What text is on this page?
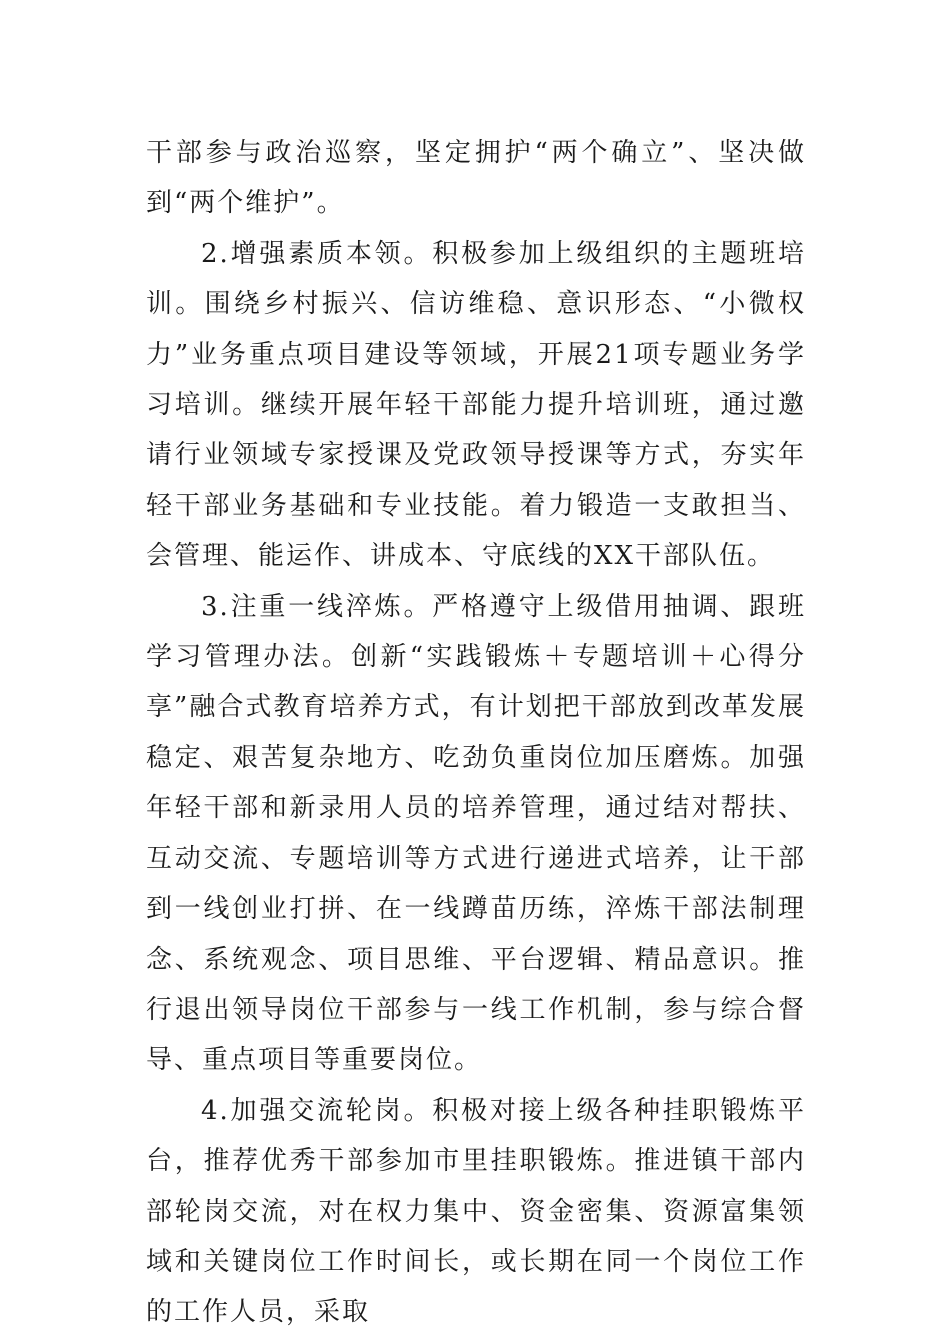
干部参与政治巡察，坚定拥护“两个确立”、坚决做到“两个维护”。

2.增强素质本领。积极参加上级组织的主题班培训。围绕乡村振兴、信访维稳、意识形态、“小微权力”业务重点项目建设等领域，开展21项专题业务学习培训。继续开展年轻干部能力提升培训班，通过邀请行业领域专家授课及党政领导授课等方式，夯实年轻干部业务基础和专业技能。着力锻造一支敢担当、会管理、能运作、讲成本、守底线的XX干部队伍。

3.注重一线淬炼。严格遵守上级借用抽调、跟班学习管理办法。创新“实践锻炼＋专题培训＋心得分享”融合式教育培养方式，有计划把干部放到改革发展稳定、艰苦复杂地方、吃劲负重岗位加压磨炼。加强年轻干部和新录用人员的培养管理，通过结对帮扶、互动交流、专题培训等方式进行递进式培养，让干部到一线创业打拼、在一线蹲苗历练，淬炼干部法制理念、系统观念、项目思维、平台逻辑、精品意识。推行退出领导岗位干部参与一线工作机制，参与综合督导、重点项目等重要岗位。

4.加强交流轮岗。积极对接上级各种挂职锻炼平台，推荐优秀干部参加市里挂职锻炼。推进镇干部内部轮岗交流，对在权力集中、资金密集、资源富集领域和关键岗位工作时间长，或长期在同一个岗位工作的工作人员，采取
